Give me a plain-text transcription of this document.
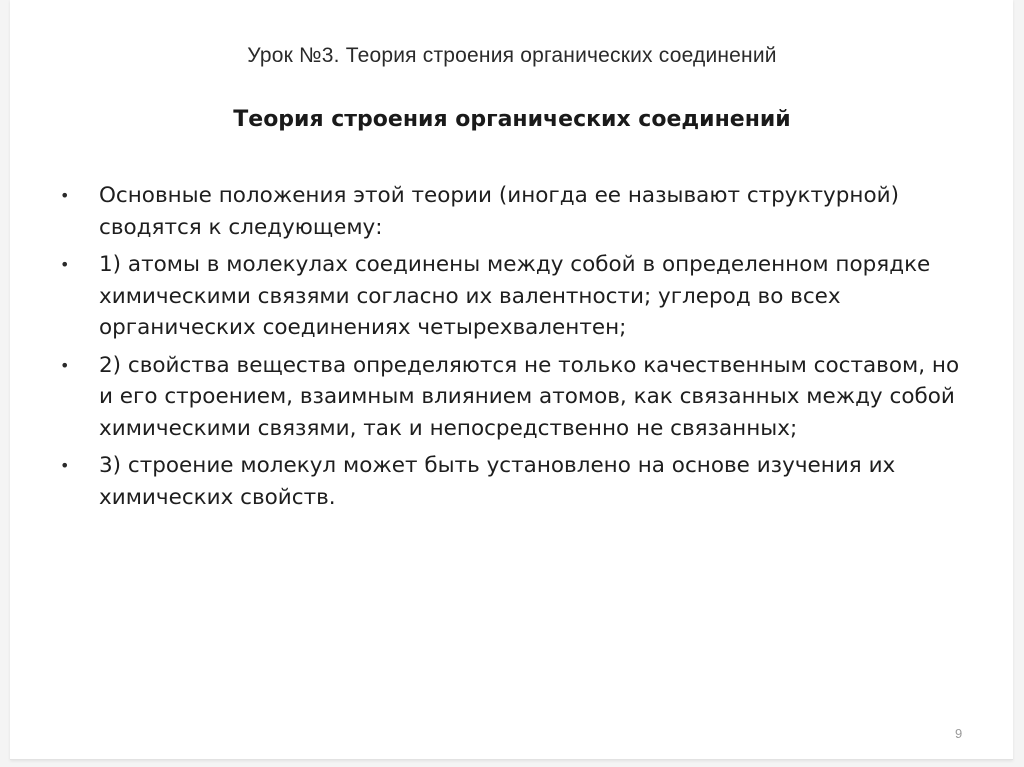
Урок №3. Теория строения органических соединений
Теория строения органических соединений
• Основные положения этой теории (иногда ее называют структурной) сводятся к следующему:
• 1) атомы в молекулах соединены между собой в определенном порядке химическими связями согласно их валентности; углерод во всех органических соединениях четырехвалентен;
• 2) свойства вещества определяются не только качественным составом, но и его строением, взаимным влиянием атомов, как связанных между собой химическими связями, так и непосредственно не связанных;
• 3) строение молекул может быть установлено на основе изучения их химических свойств.
9
